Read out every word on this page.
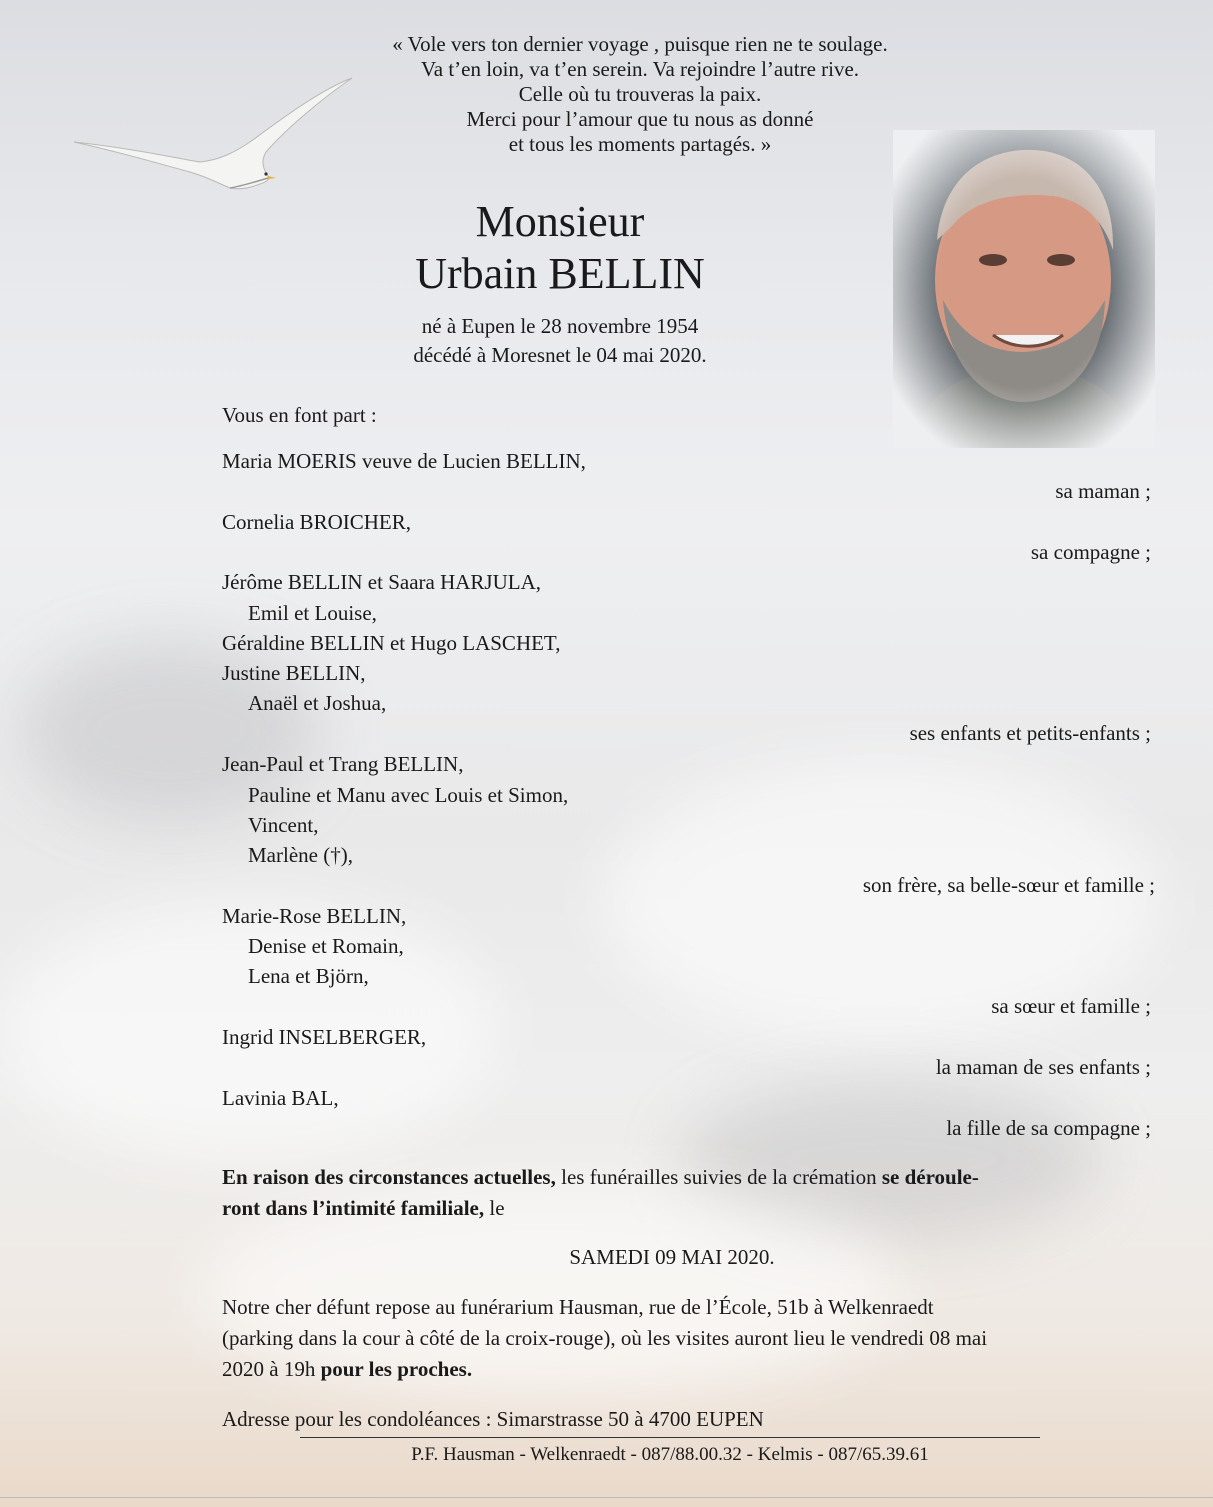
« Vole vers ton dernier voyage , puisque rien ne te soulage.
Va t’en loin, va t’en serein. Va rejoindre l’autre rive.
Celle où tu trouveras la paix.
Merci pour l’amour que tu nous as donné
et tous les moments partagés. »
Monsieur
Urbain BELLIN
né à Eupen le 28 novembre 1954
décédé à Moresnet le 04 mai 2020.
Vous en font part :
Maria MOERIS veuve de Lucien BELLIN,
sa maman ;
Cornelia BROICHER,
sa compagne ;
Jérôme BELLIN et Saara HARJULA,
Emil et Louise,
Géraldine BELLIN et Hugo LASCHET,
Justine BELLIN,
Anaël et Joshua,
ses enfants et petits-enfants ;
Jean-Paul et Trang BELLIN,
Pauline et Manu avec Louis et Simon,
Vincent,
Marlène (†),
son frère, sa belle-sœur et famille ;
Marie-Rose BELLIN,
Denise et Romain,
Lena et Björn,
sa sœur et famille ;
Ingrid INSELBERGER,
la maman de ses enfants ;
Lavinia BAL,
la fille de sa compagne ;
En raison des circonstances actuelles, les funérailles suivies de la crémation se déroule-
ront dans l’intimité familiale, le
SAMEDI 09 MAI 2020.
Notre cher défunt repose au funérarium Hausman, rue de l’École, 51b à Welkenraedt
(parking dans la cour à côté de la croix-rouge), où les visites auront lieu le vendredi 08 mai
2020 à 19h pour les proches.
Adresse pour les condoléances : Simarstrasse 50 à 4700 EUPEN
P.F. Hausman - Welkenraedt - 087/88.00.32 - Kelmis - 087/65.39.61
